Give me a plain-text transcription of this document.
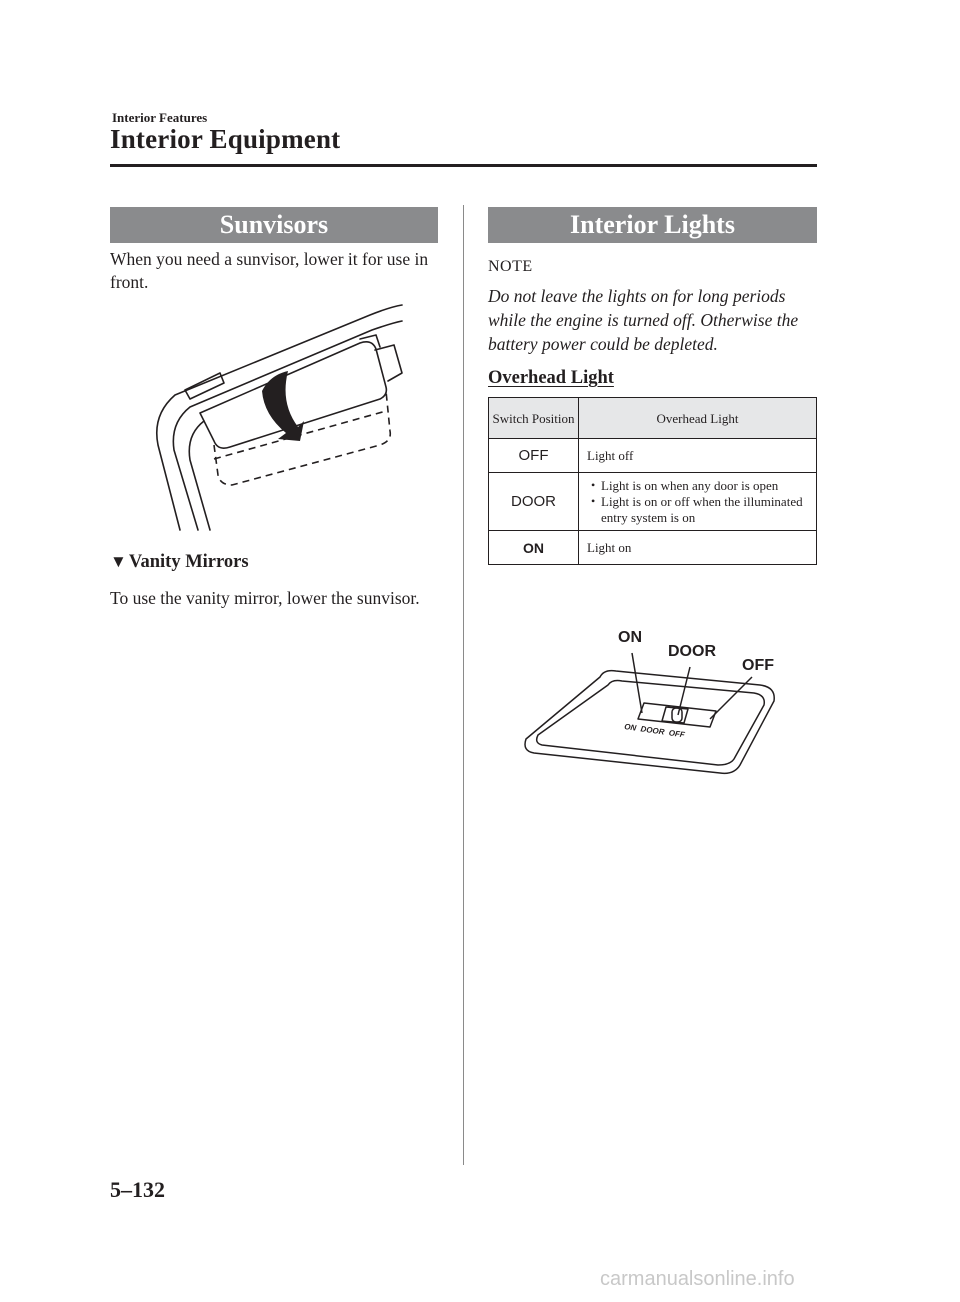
Interior Features
Interior Equipment
Sunvisors
When you need a sunvisor, lower it for use in front.
▼ Vanity Mirrors
To use the vanity mirror, lower the sunvisor.
Interior Lights
NOTE
Do not leave the lights on for long periods while the engine is turned off. Otherwise the battery power could be depleted.
Overhead Light
Switch Position	Overhead Light
OFF	Light off
DOOR	• Light is on when any door is open
• Light is on or off when the illuminated entry system is on

ON	Light on
ON
DOOR
OFF
ON  DOOR  OFF
5–132
carmanualsonline.info
